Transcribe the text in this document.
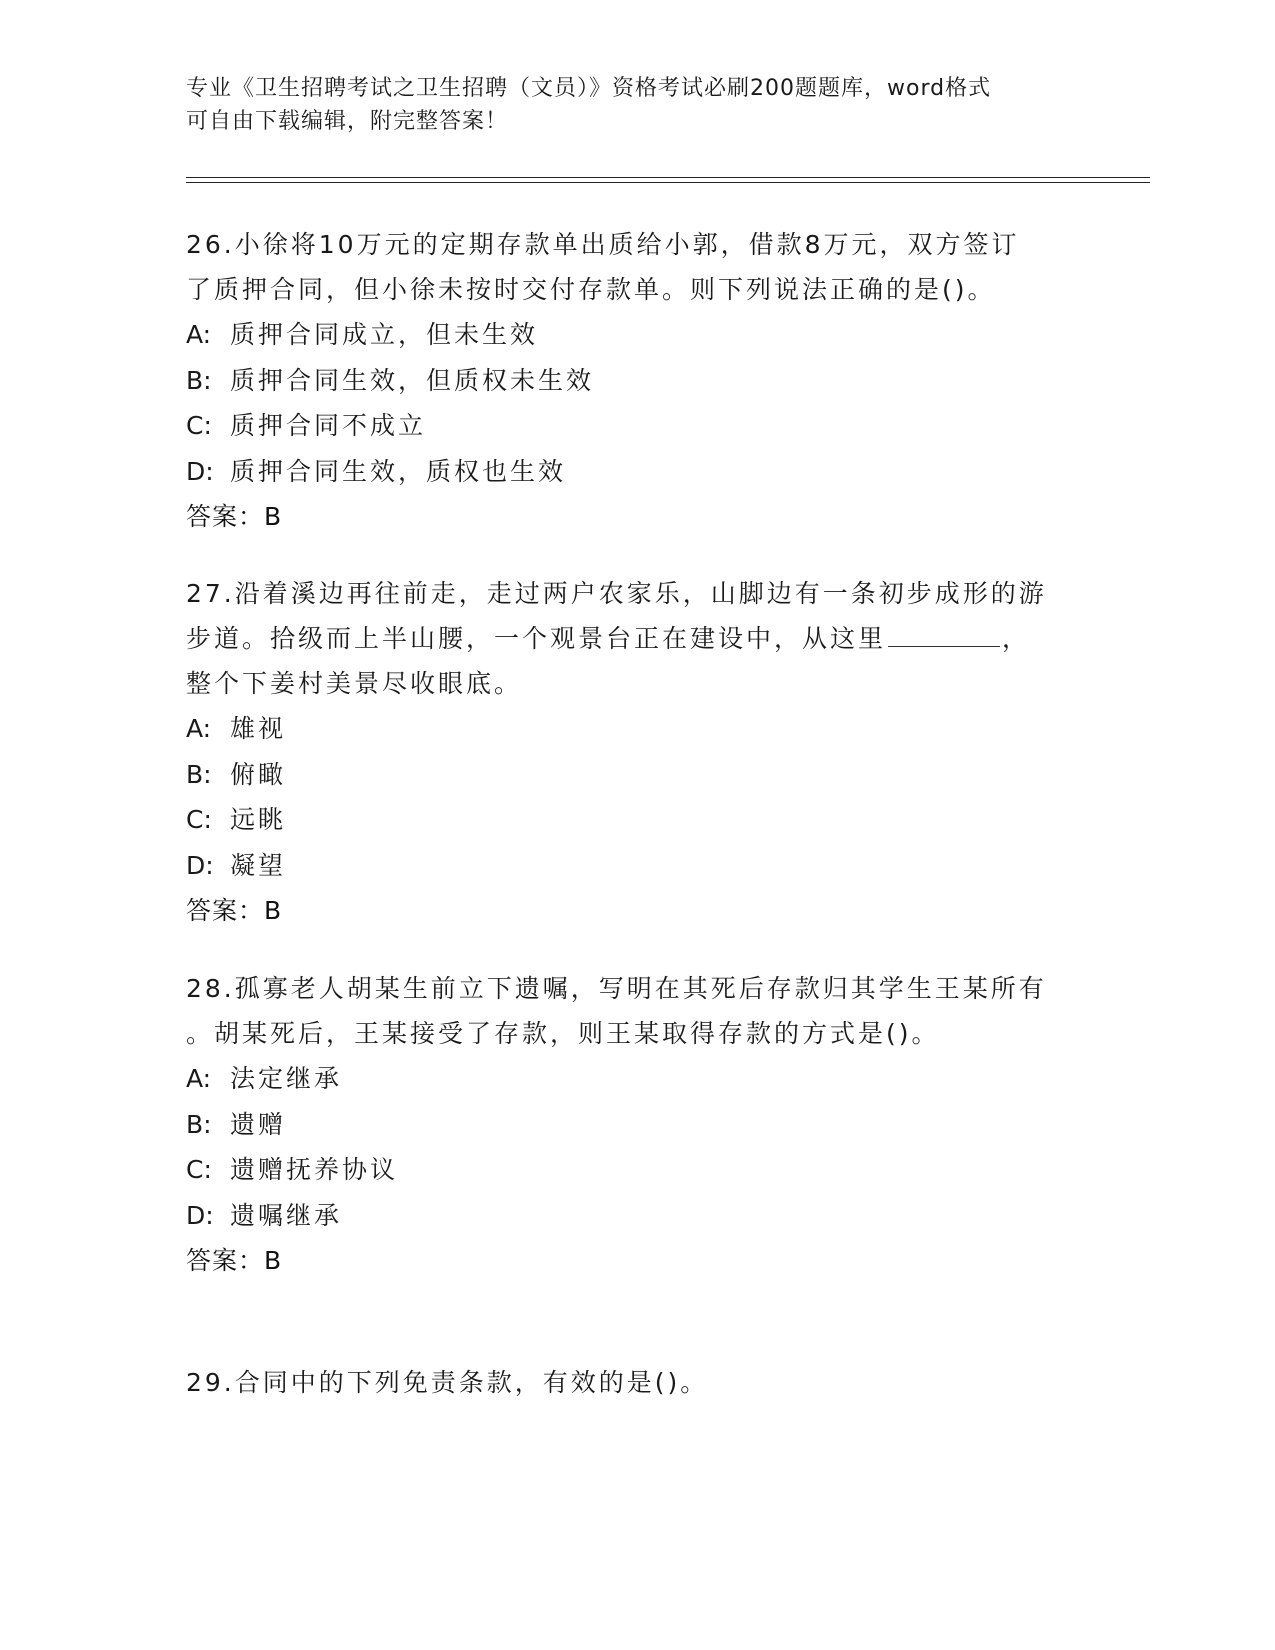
专业《卫生招聘考试之卫生招聘（文员）》资格考试必刷200题题库，word格式
可自由下载编辑，附完整答案！
26.小徐将10万元的定期存款单出质给小郭，借款8万元，双方签订
了质押合同，但小徐未按时交付存款单。则下列说法正确的是()。
A: 质押合同成立，但未生效
B: 质押合同生效，但质权未生效
C: 质押合同不成立
D: 质押合同生效，质权也生效
答案：B
27.沿着溪边再往前走，走过两户农家乐，山脚边有一条初步成形的游
步道。拾级而上半山腰，一个观景台正在建设中，从这里	，
整个下姜村美景尽收眼底。
A: 雄视
B: 俯瞰
C: 远眺
D: 凝望
答案：B
28.孤寡老人胡某生前立下遗嘱，写明在其死后存款归其学生王某所有
。胡某死后，王某接受了存款，则王某取得存款的方式是()。
A: 法定继承
B: 遗赠
C: 遗赠抚养协议
D: 遗嘱继承
答案：B
29.合同中的下列免责条款，有效的是()。
